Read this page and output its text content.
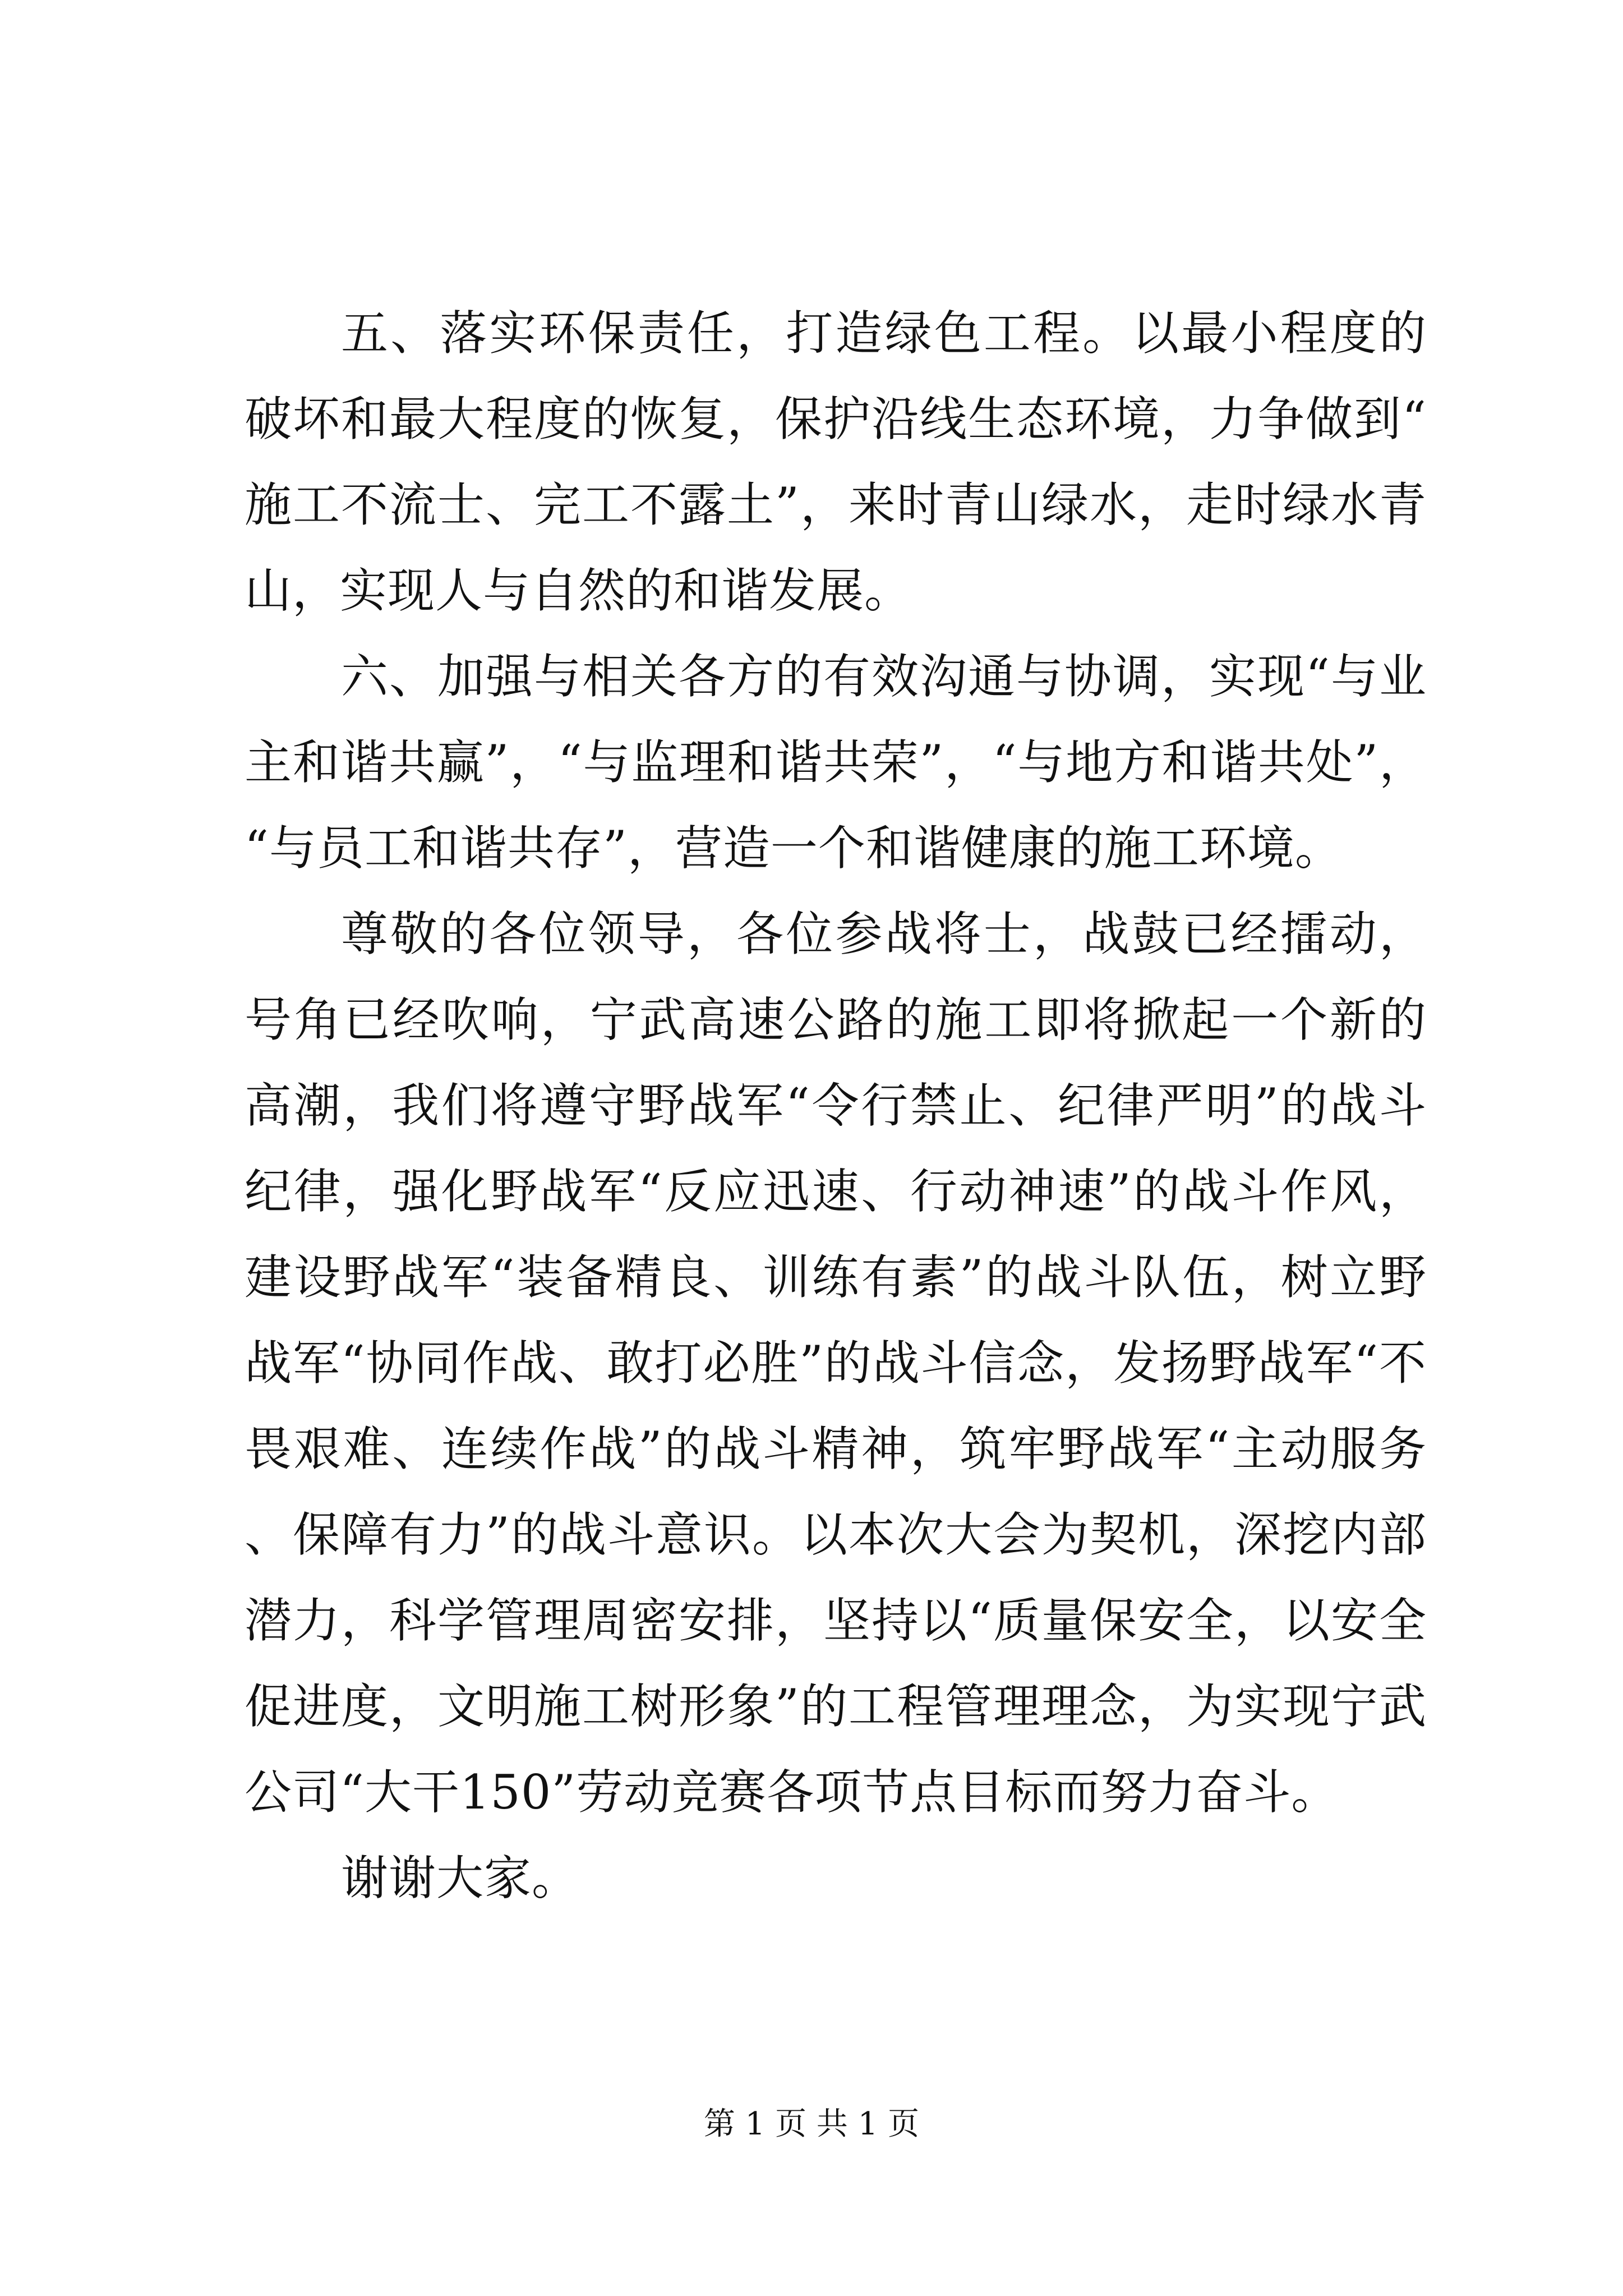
五、落实环保责任，打造绿色工程。以最小程度的破坏和最大程度的恢复，保护沿线生态环境，力争做到“施工不流士、完工不露土”，来时青山绿水，走时绿水青山，实现人与自然的和谐发展。

六、加强与相关各方的有效沟通与协调，实现“与业主和谐共赢”，“与监理和谐共荣”，“与地方和谐共处”，“与员工和谐共存”，营造一个和谐健康的施工环境。

尊敬的各位领导，各位参战将士，战鼓已经擂动，号角已经吹响，宁武高速公路的施工即将掀起一个新的高潮，我们将遵守野战军“令行禁止、纪律严明”的战斗纪律，强化野战军“反应迅速、行动神速”的战斗作风，建设野战军“装备精良、训练有素”的战斗队伍，树立野战军“协同作战、敢打必胜”的战斗信念，发扬野战军“不畏艰难、连续作战”的战斗精神，筑牢野战军“主动服务、保障有力”的战斗意识。以本次大会为契机，深挖内部潜力，科学管理周密安排，坚持以“质量保安全，以安全促进度，文明施工树形象”的工程管理理念，为实现宁武公司“大干150”劳动竞赛各项节点目标而努力奋斗。

谢谢大家。

第 1 页 共 1 页
